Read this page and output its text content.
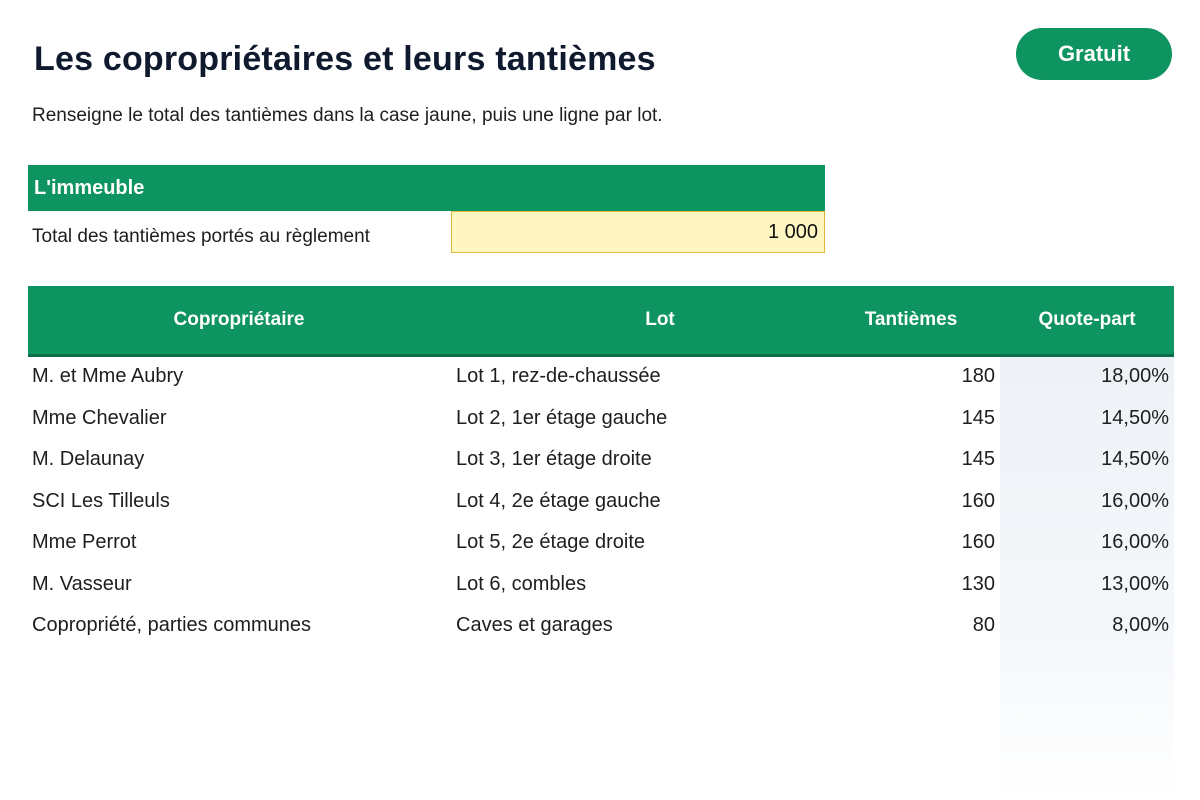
Les copropriétaires et leurs tantièmes	Gratuit
Renseigne le total des tantièmes dans la case jaune, puis une ligne par lot.
L'immeuble
Total des tantièmes portés au règlement
1 000
Copropriétaire	Lot	Tantièmes	Quote-part
M. et Mme Aubry	Lot 1, rez-de-chaussée	180	18,00%
Mme Chevalier	Lot 2, 1er étage gauche	145	14,50%
M. Delaunay	Lot 3, 1er étage droite	145	14,50%
SCI Les Tilleuls	Lot 4, 2e étage gauche	160	16,00%
Mme Perrot	Lot 5, 2e étage droite	160	16,00%
M. Vasseur	Lot 6, combles	130	13,00%
Copropriété, parties communes	Caves et garages	80	8,00%
